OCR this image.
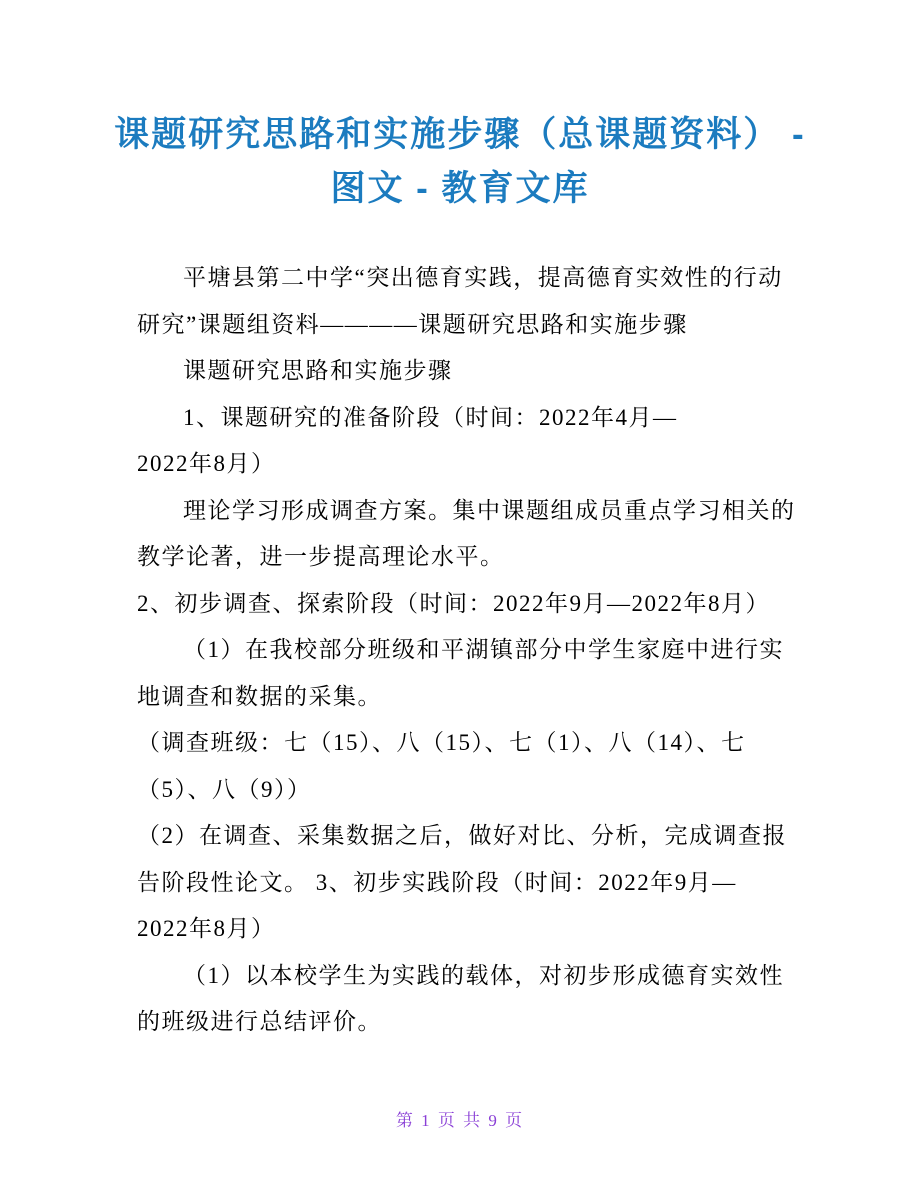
课题研究思路和实施步骤（总课题资料） -
图文 - 教育文库
平塘县第二中学“突出德育实践，提高德育实效性的行动
研究”课题组资料————课题研究思路和实施步骤
课题研究思路和实施步骤
1、课题研究的准备阶段（时间：2022年4月—
2022年8月）
理论学习形成调查方案。集中课题组成员重点学习相关的
教学论著，进一步提高理论水平。
2、初步调查、探索阶段（时间：2022年9月—2022年8月）
（1）在我校部分班级和平湖镇部分中学生家庭中进行实
地调查和数据的采集。
（调查班级：七（15）、八（15）、七（1）、八（14）、七
（5）、八（9））
（2）在调查、采集数据之后，做好对比、分析，完成调查报
告阶段性论文。 3、初步实践阶段（时间：2022年9月—
2022年8月）
（1）以本校学生为实践的载体，对初步形成德育实效性
的班级进行总结评价。
第 1 页 共 9 页
